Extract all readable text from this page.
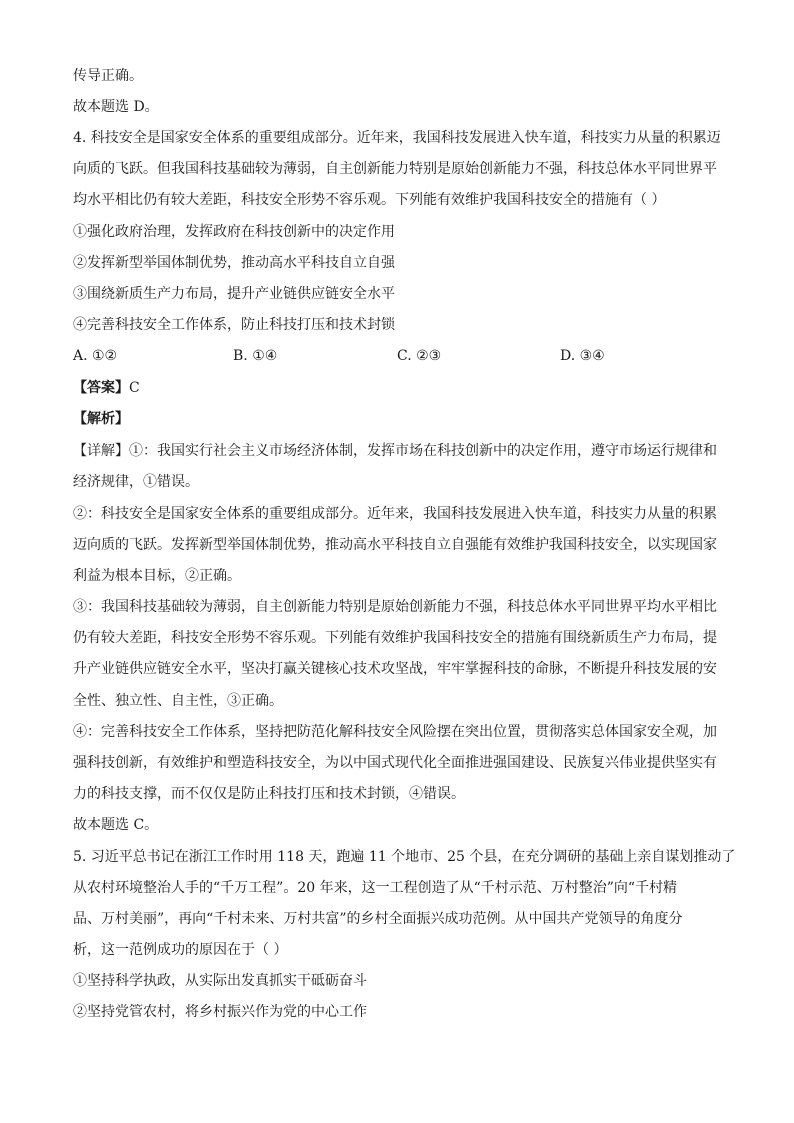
传导正确。
故本题选 D。
4. 科技安全是国家安全体系的重要组成部分。近年来，我国科技发展进入快车道，科技实力从量的积累迈
向质的飞跃。但我国科技基础较为薄弱，自主创新能力特别是原始创新能力不强，科技总体水平同世界平
均水平相比仍有较大差距，科技安全形势不容乐观。下列能有效维护我国科技安全的措施有（ ）
①强化政府治理，发挥政府在科技创新中的决定作用
②发挥新型举国体制优势，推动高水平科技自立自强
③围绕新质生产力布局，提升产业链供应链安全水平
④完善科技安全工作体系，防止科技打压和技术封锁
A. ①②	B. ①④	C. ②③	D. ③④
【答案】C
【解析】
【详解】①：我国实行社会主义市场经济体制，发挥市场在科技创新中的决定作用，遵守市场运行规律和
经济规律，①错误。
②：科技安全是国家安全体系的重要组成部分。近年来，我国科技发展进入快车道，科技实力从量的积累
迈向质的飞跃。发挥新型举国体制优势，推动高水平科技自立自强能有效维护我国科技安全，以实现国家
利益为根本目标，②正确。
③：我国科技基础较为薄弱，自主创新能力特别是原始创新能力不强，科技总体水平同世界平均水平相比
仍有较大差距，科技安全形势不容乐观。下列能有效维护我国科技安全的措施有围绕新质生产力布局，提
升产业链供应链安全水平，坚决打赢关键核心技术攻坚战，牢牢掌握科技的命脉，不断提升科技发展的安
全性、独立性、自主性，③正确。
④：完善科技安全工作体系，坚持把防范化解科技安全风险摆在突出位置，贯彻落实总体国家安全观，加
强科技创新，有效维护和塑造科技安全，为以中国式现代化全面推进强国建设、民族复兴伟业提供坚实有
力的科技支撑，而不仅仅是防止科技打压和技术封锁，④错误。
故本题选 C。
5. 习近平总书记在浙江工作时用 118 天，跑遍 11 个地市、25 个县，在充分调研的基础上亲自谋划推动了
从农村环境整治人手的“千万工程”。20 年来，这一工程创造了从“千村示范、万村整治”向“千村精
品、万村美丽”，再向“千村未来、万村共富”的乡村全面振兴成功范例。从中国共产党领导的角度分
析，这一范例成功的原因在于（ ）
①坚持科学执政，从实际出发真抓实干砥砺奋斗
②坚持党管农村，将乡村振兴作为党的中心工作
